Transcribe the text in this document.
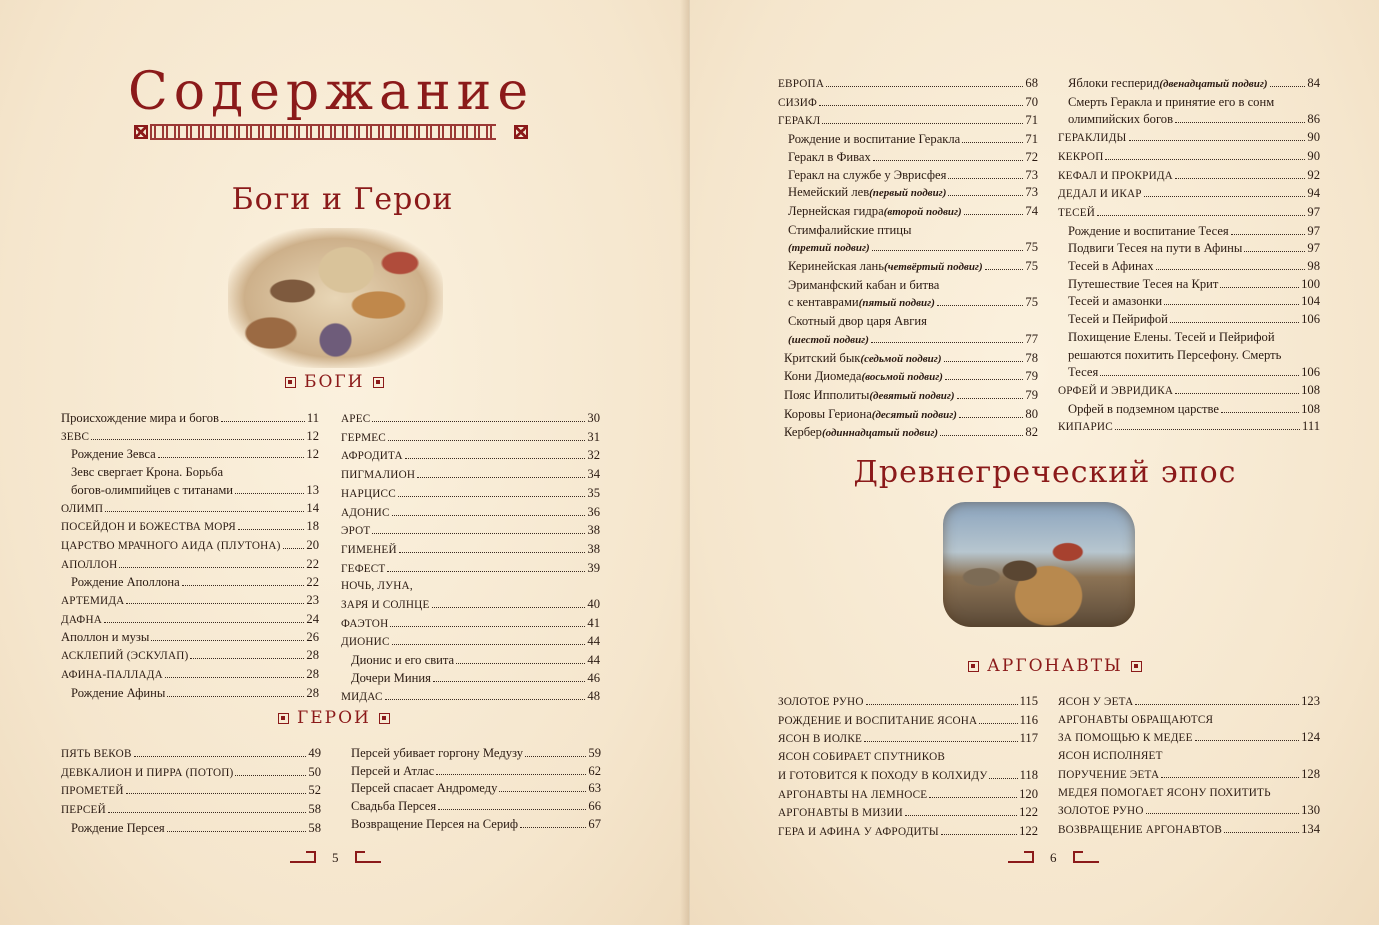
Содержание
Боги и Герои
БОГИ
Происхождение мира и богов	11
ЗЕВС	12
Рождение Зевса	12
Зевс свергает Крона. Борьба
богов-олимпийцев с титанами	13
ОЛИМП	14
ПОСЕЙДОН И БОЖЕСТВА МОРЯ	18
ЦАРСТВО МРАЧНОГО АИДА (ПЛУТОНА) 20
АПОЛЛОН	22
Рождение Аполлона	22
АРТЕМИДА	23
ДАФНА	24
Аполлон и музы	26
АСКЛЕПИЙ (ЭСКУЛАП)	28
АФИНА-ПАЛЛАДА	28
Рождение Афины	28
АРЕС	30
ГЕРМЕС	31
АФРОДИТА	32
ПИГМАЛИОН	34
НАРЦИСС	35
АДОНИС	36
ЭРОТ	38
ГИМЕНЕЙ	38
ГЕФЕСТ	39
НОЧЬ, ЛУНА,
ЗАРЯ И СОЛНЦЕ	40
ФАЭТОН	41
ДИОНИС	44
Дионис и его свита	44
Дочери Миния	46
МИДАС	48
ГЕРОИ
ПЯТЬ ВЕКОВ	49
ДЕВКАЛИОН И ПИРРА (ПОТОП)	50
ПРОМЕТЕЙ	52
ПЕРСЕЙ	58
Рождение Персея	58
Персей убивает горгону Медузу	59
Персей и Атлас	62
Персей спасает Андромеду	63
Свадьба Персея	66
Возвращение Персея на Сериф	67
5
ЕВРОПА	68
СИЗИФ	70
ГЕРАКЛ	71
Рождение и воспитание Геракла	71
Геракл в Фивах	72
Геракл на службе у Эврисфея	73
Немейский лев (первый подвиг)	73
Лернейская гидра (второй подвиг)	74
Стимфалийские птицы
(третий подвиг)	75
Керинейская лань (четвёртый подвиг)	75
Эриманфский кабан и битва
с кентаврами (пятый подвиг)	75
Скотный двор царя Авгия
(шестой подвиг)	77
Критский бык (седьмой подвиг)	78
Кони Диомеда (восьмой подвиг)	79
Пояс Ипполиты (девятый подвиг)	79
Коровы Гериона (десятый подвиг)	80
Кербер (одиннадцатый подвиг)	82
Яблоки гесперид (двенадцатый подвиг)	84
Смерть Геракла и принятие его в сонм
олимпийских богов	86
ГЕРАКЛИДЫ	90
КЕКРОП	90
КЕФАЛ И ПРОКРИДА	92
ДЕДАЛ И ИКАР	94
ТЕСЕЙ	97
Рождение и воспитание Тесея	97
Подвиги Тесея на пути в Афины	97
Тесей в Афинах	98
Путешествие Тесея на Крит	100
Тесей и амазонки	104
Тесей и Пейрифой	106
Похищение Елены. Тесей и Пейрифой
решаются похитить Персефону. Смерть
Тесея	106
ОРФЕЙ И ЭВРИДИКА	108
Орфей в подземном царстве	108
КИПАРИС	111
Древнегреческий эпос
АРГОНАВТЫ
ЗОЛОТОЕ РУНО	115
РОЖДЕНИЕ И ВОСПИТАНИЕ ЯСОНА	116
ЯСОН В ИОЛКЕ	117
ЯСОН СОБИРАЕТ СПУТНИКОВ
И ГОТОВИТСЯ К ПОХОДУ В КОЛХИДУ	118
АРГОНАВТЫ НА ЛЕМНОСЕ	120
АРГОНАВТЫ В МИЗИИ	122
ГЕРА И АФИНА У АФРОДИТЫ	122
ЯСОН У ЭЕТА	123
АРГОНАВТЫ ОБРАЩАЮТСЯ
ЗА ПОМОЩЬЮ К МЕДЕЕ	124
ЯСОН ИСПОЛНЯЕТ
ПОРУЧЕНИЕ ЭЕТА	128
МЕДЕЯ ПОМОГАЕТ ЯСОНУ ПОХИТИТЬ
ЗОЛОТОЕ РУНО	130
ВОЗВРАЩЕНИЕ АРГОНАВТОВ	134
6
